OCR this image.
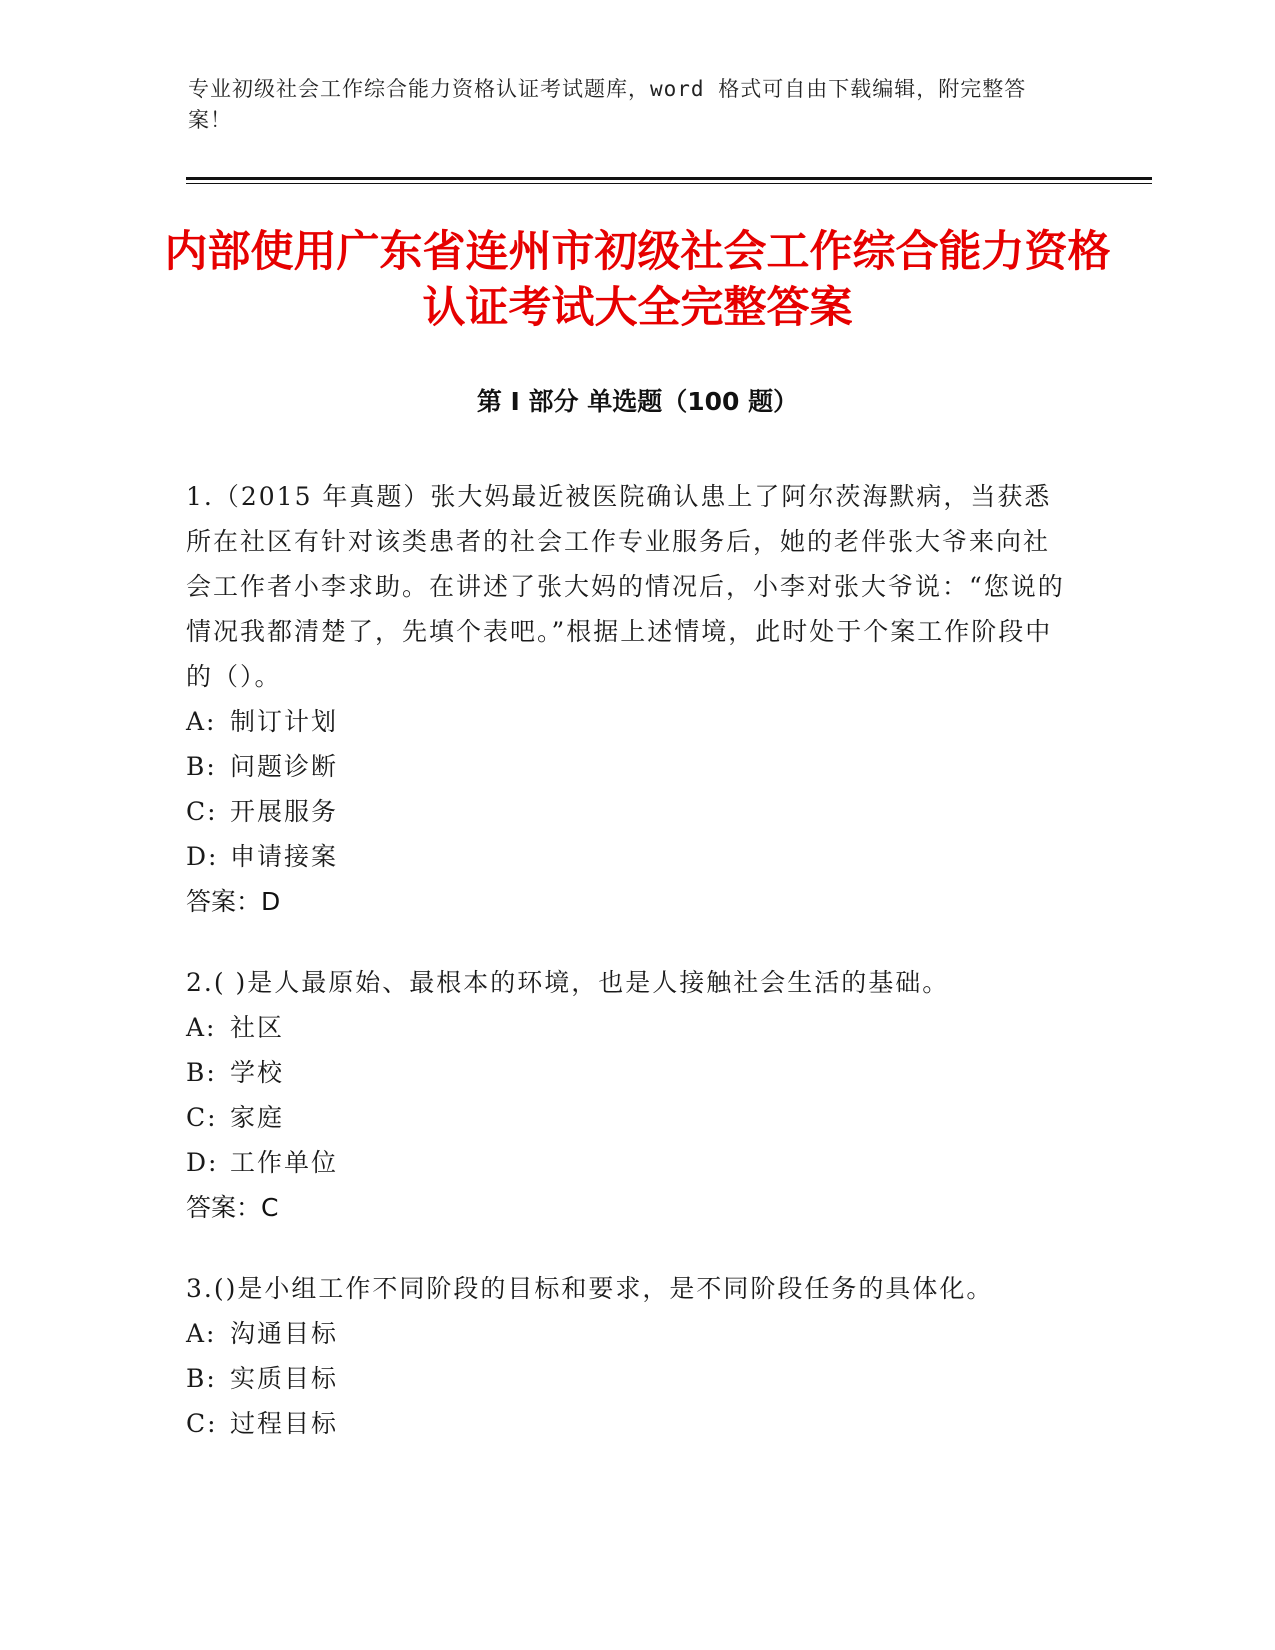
专业初级社会工作综合能力资格认证考试题库，word 格式可自由下载编辑，附完整答案！
内部使用广东省连州市初级社会工作综合能力资格认证考试大全完整答案
第 I 部分 单选题（100 题）

1.（2015 年真题）张大妈最近被医院确认患上了阿尔茨海默病，当获悉所在社区有针对该类患者的社会工作专业服务后，她的老伴张大爷来向社会工作者小李求助。在讲述了张大妈的情况后，小李对张大爷说：“您说的情况我都清楚了，先填个表吧。”根据上述情境，此时处于个案工作阶段中的（）。

A: 制订计划

B: 问题诊断

C: 开展服务

D: 申请接案

答案：D

2.( )是人最原始、最根本的环境，也是人接触社会生活的基础。

A: 社区

B: 学校

C: 家庭

D: 工作单位

答案：C

3.()是小组工作不同阶段的目标和要求，是不同阶段任务的具体化。

A: 沟通目标

B: 实质目标

C: 过程目标
